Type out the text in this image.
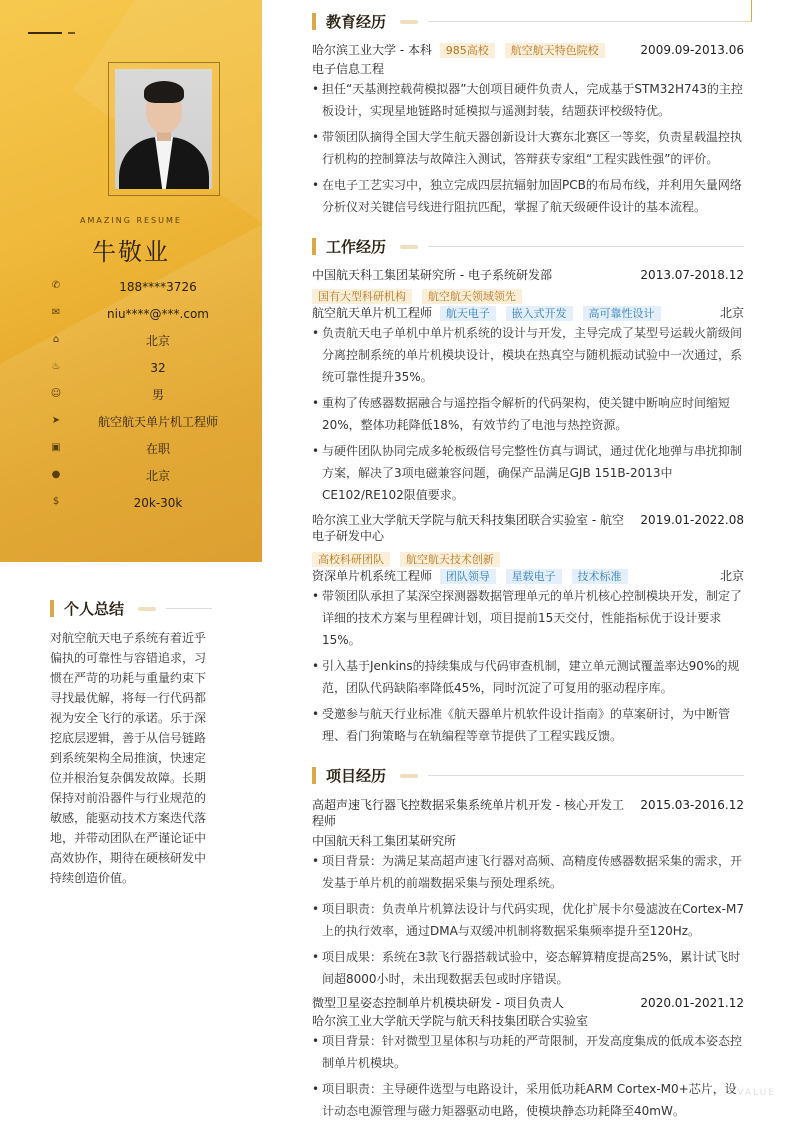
AMAZING RESUME
牛敬业
✆	188****3726
✉	niu****@***.com
⌂	北京
♨	32
☺	男
➤	航空航天单片机工程师
▣	在职
●	北京
$	20k-30k
个人总结
对航空航天电子系统有着近乎偏执的可靠性与容错追求，习惯在严苛的功耗与重量约束下寻找最优解，将每一行代码都视为安全飞行的承诺。乐于深挖底层逻辑，善于从信号链路到系统架构全局推演，快速定位并根治复杂偶发故障。长期保持对前沿器件与行业规范的敏感，能驱动技术方案迭代落地，并带动团队在严谨论证中高效协作，期待在硬核研发中持续创造价值。
教育经历
哈尔滨工业大学 - 本科 985高校 航空航天特色院校	2009.09-2013.06
电子信息工程
• 担任“天基测控载荷模拟器”大创项目硬件负责人，完成基于STM32H743的主控板设计，实现星地链路时延模拟与遥测封装，结题获评校级特优。
• 带领团队摘得全国大学生航天器创新设计大赛东北赛区一等奖，负责星载温控执行机构的控制算法与故障注入测试，答辩获专家组“工程实践性强”的评价。
• 在电子工艺实习中，独立完成四层抗辐射加固PCB的布局布线，并利用矢量网络分析仪对关键信号线进行阻抗匹配，掌握了航天级硬件设计的基本流程。
工作经历
中国航天科工集团某研究所 - 电子系统研发部	2013.07-2018.12
国有大型科研机构 航空航天领域领先
航空航天单片机工程师 航天电子 嵌入式开发 高可靠性设计	北京
• 负责航天电子单机中单片机系统的设计与开发，主导完成了某型号运载火箭级间分离控制系统的单片机模块设计，模块在热真空与随机振动试验中一次通过，系统可靠性提升35%。
• 重构了传感器数据融合与遥控指令解析的代码架构，使关键中断响应时间缩短20%，整体功耗降低18%，有效节约了电池与热控资源。
• 与硬件团队协同完成多轮板级信号完整性仿真与调试，通过优化地弹与串扰抑制方案，解决了3项电磁兼容问题，确保产品满足GJB 151B-2013中CE102/RE102限值要求。
哈尔滨工业大学航天学院与航天科技集团联合实验室 - 航空电子研发中心
2019.01-2022.08
高校科研团队 航空航天技术创新
资深单片机系统工程师 团队领导 星载电子 技术标准	北京
• 带领团队承担了某深空探测器数据管理单元的单片机核心控制模块开发，制定了详细的技术方案与里程碑计划，项目提前15天交付，性能指标优于设计要求15%。
• 引入基于Jenkins的持续集成与代码审查机制，建立单元测试覆盖率达90%的规范，团队代码缺陷率降低45%，同时沉淀了可复用的驱动程序库。
• 受邀参与航天行业标准《航天器单片机软件设计指南》的草案研讨，为中断管理、看门狗策略与在轨编程等章节提供了工程实践反馈。
项目经历
高超声速飞行器飞控数据采集系统单片机开发 - 核心开发工程师
2015.03-2016.12
中国航天科工集团某研究所
• 项目背景：为满足某高超声速飞行器对高频、高精度传感器数据采集的需求，开发基于单片机的前端数据采集与预处理系统。
• 项目职责：负责单片机算法设计与代码实现，优化扩展卡尔曼滤波在Cortex-M7上的执行效率，通过DMA与双缓冲机制将数据采集频率提升至120Hz。
• 项目成果：系统在3款飞行器搭载试验中，姿态解算精度提高25%，累计试飞时间超8000小时，未出现数据丢包或时序错误。
微型卫星姿态控制单片机模块研发 - 项目负责人	2020.01-2021.12
哈尔滨工业大学航天学院与航天科技集团联合实验室
• 项目背景：针对微型卫星体积与功耗的严苛限制，开发高度集成的低成本姿态控制单片机模块。
• 项目职责：主导硬件选型与电路设计，采用低功耗ARM Cortex-M0+芯片，设计动态电源管理与磁力矩器驱动电路，使模块静态功耗降至40mW。
VALUE
